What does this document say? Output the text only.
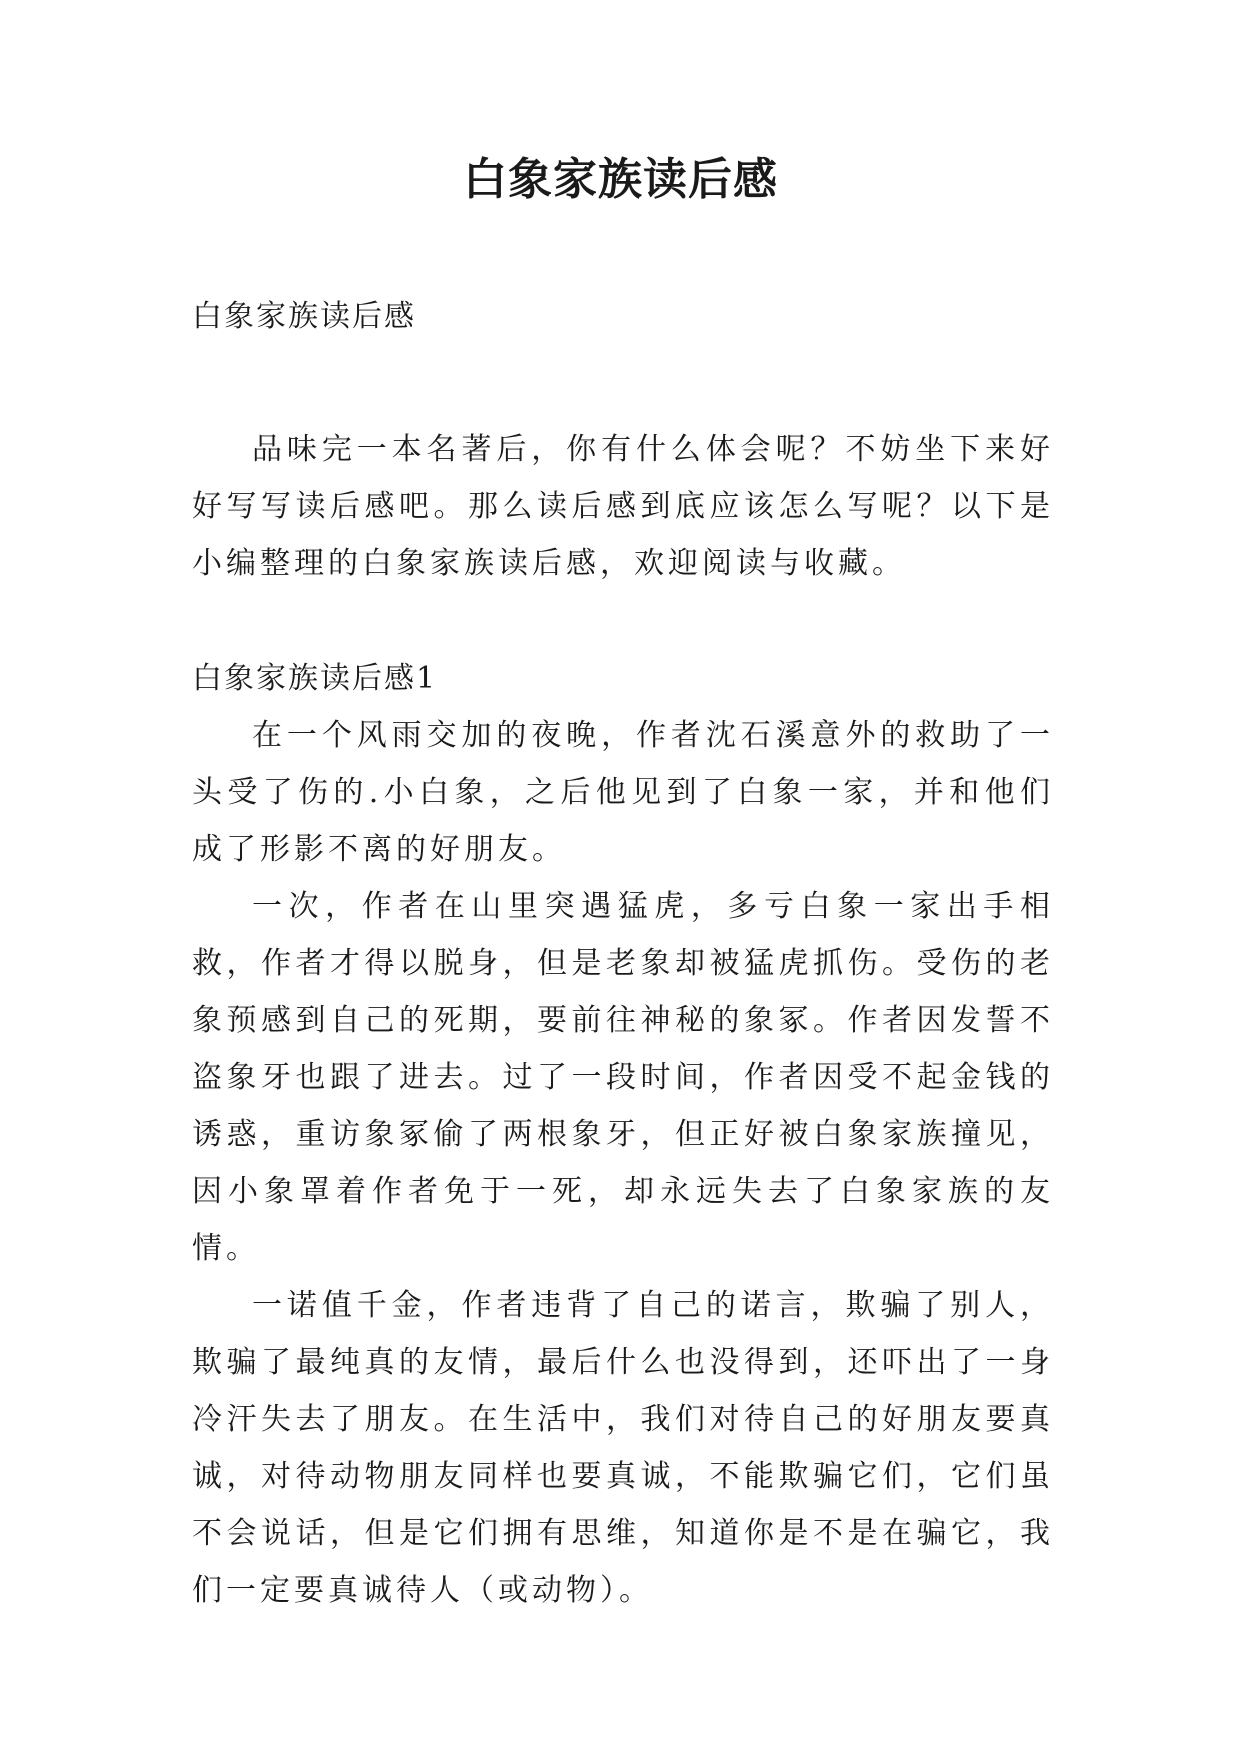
白象家族读后感

白象家族读后感

品味完一本名著后，你有什么体会呢？不妨坐下来好好写写读后感吧。那么读后感到底应该怎么写呢？以下是小编整理的白象家族读后感，欢迎阅读与收藏。

白象家族读后感1

在一个风雨交加的夜晚，作者沈石溪意外的救助了一头受了伤的.小白象，之后他见到了白象一家，并和他们成了形影不离的好朋友。

一次，作者在山里突遇猛虎，多亏白象一家出手相救，作者才得以脱身，但是老象却被猛虎抓伤。受伤的老象预感到自己的死期，要前往神秘的象冢。作者因发誓不盗象牙也跟了进去。过了一段时间，作者因受不起金钱的诱惑，重访象冢偷了两根象牙，但正好被白象家族撞见，因小象罩着作者免于一死，却永远失去了白象家族的友情。

一诺值千金，作者违背了自己的诺言，欺骗了别人，欺骗了最纯真的友情，最后什么也没得到，还吓出了一身冷汗失去了朋友。在生活中，我们对待自己的好朋友要真诚，对待动物朋友同样也要真诚，不能欺骗它们，它们虽不会说话，但是它们拥有思维，知道你是不是在骗它，我们一定要真诚待人（或动物）。
